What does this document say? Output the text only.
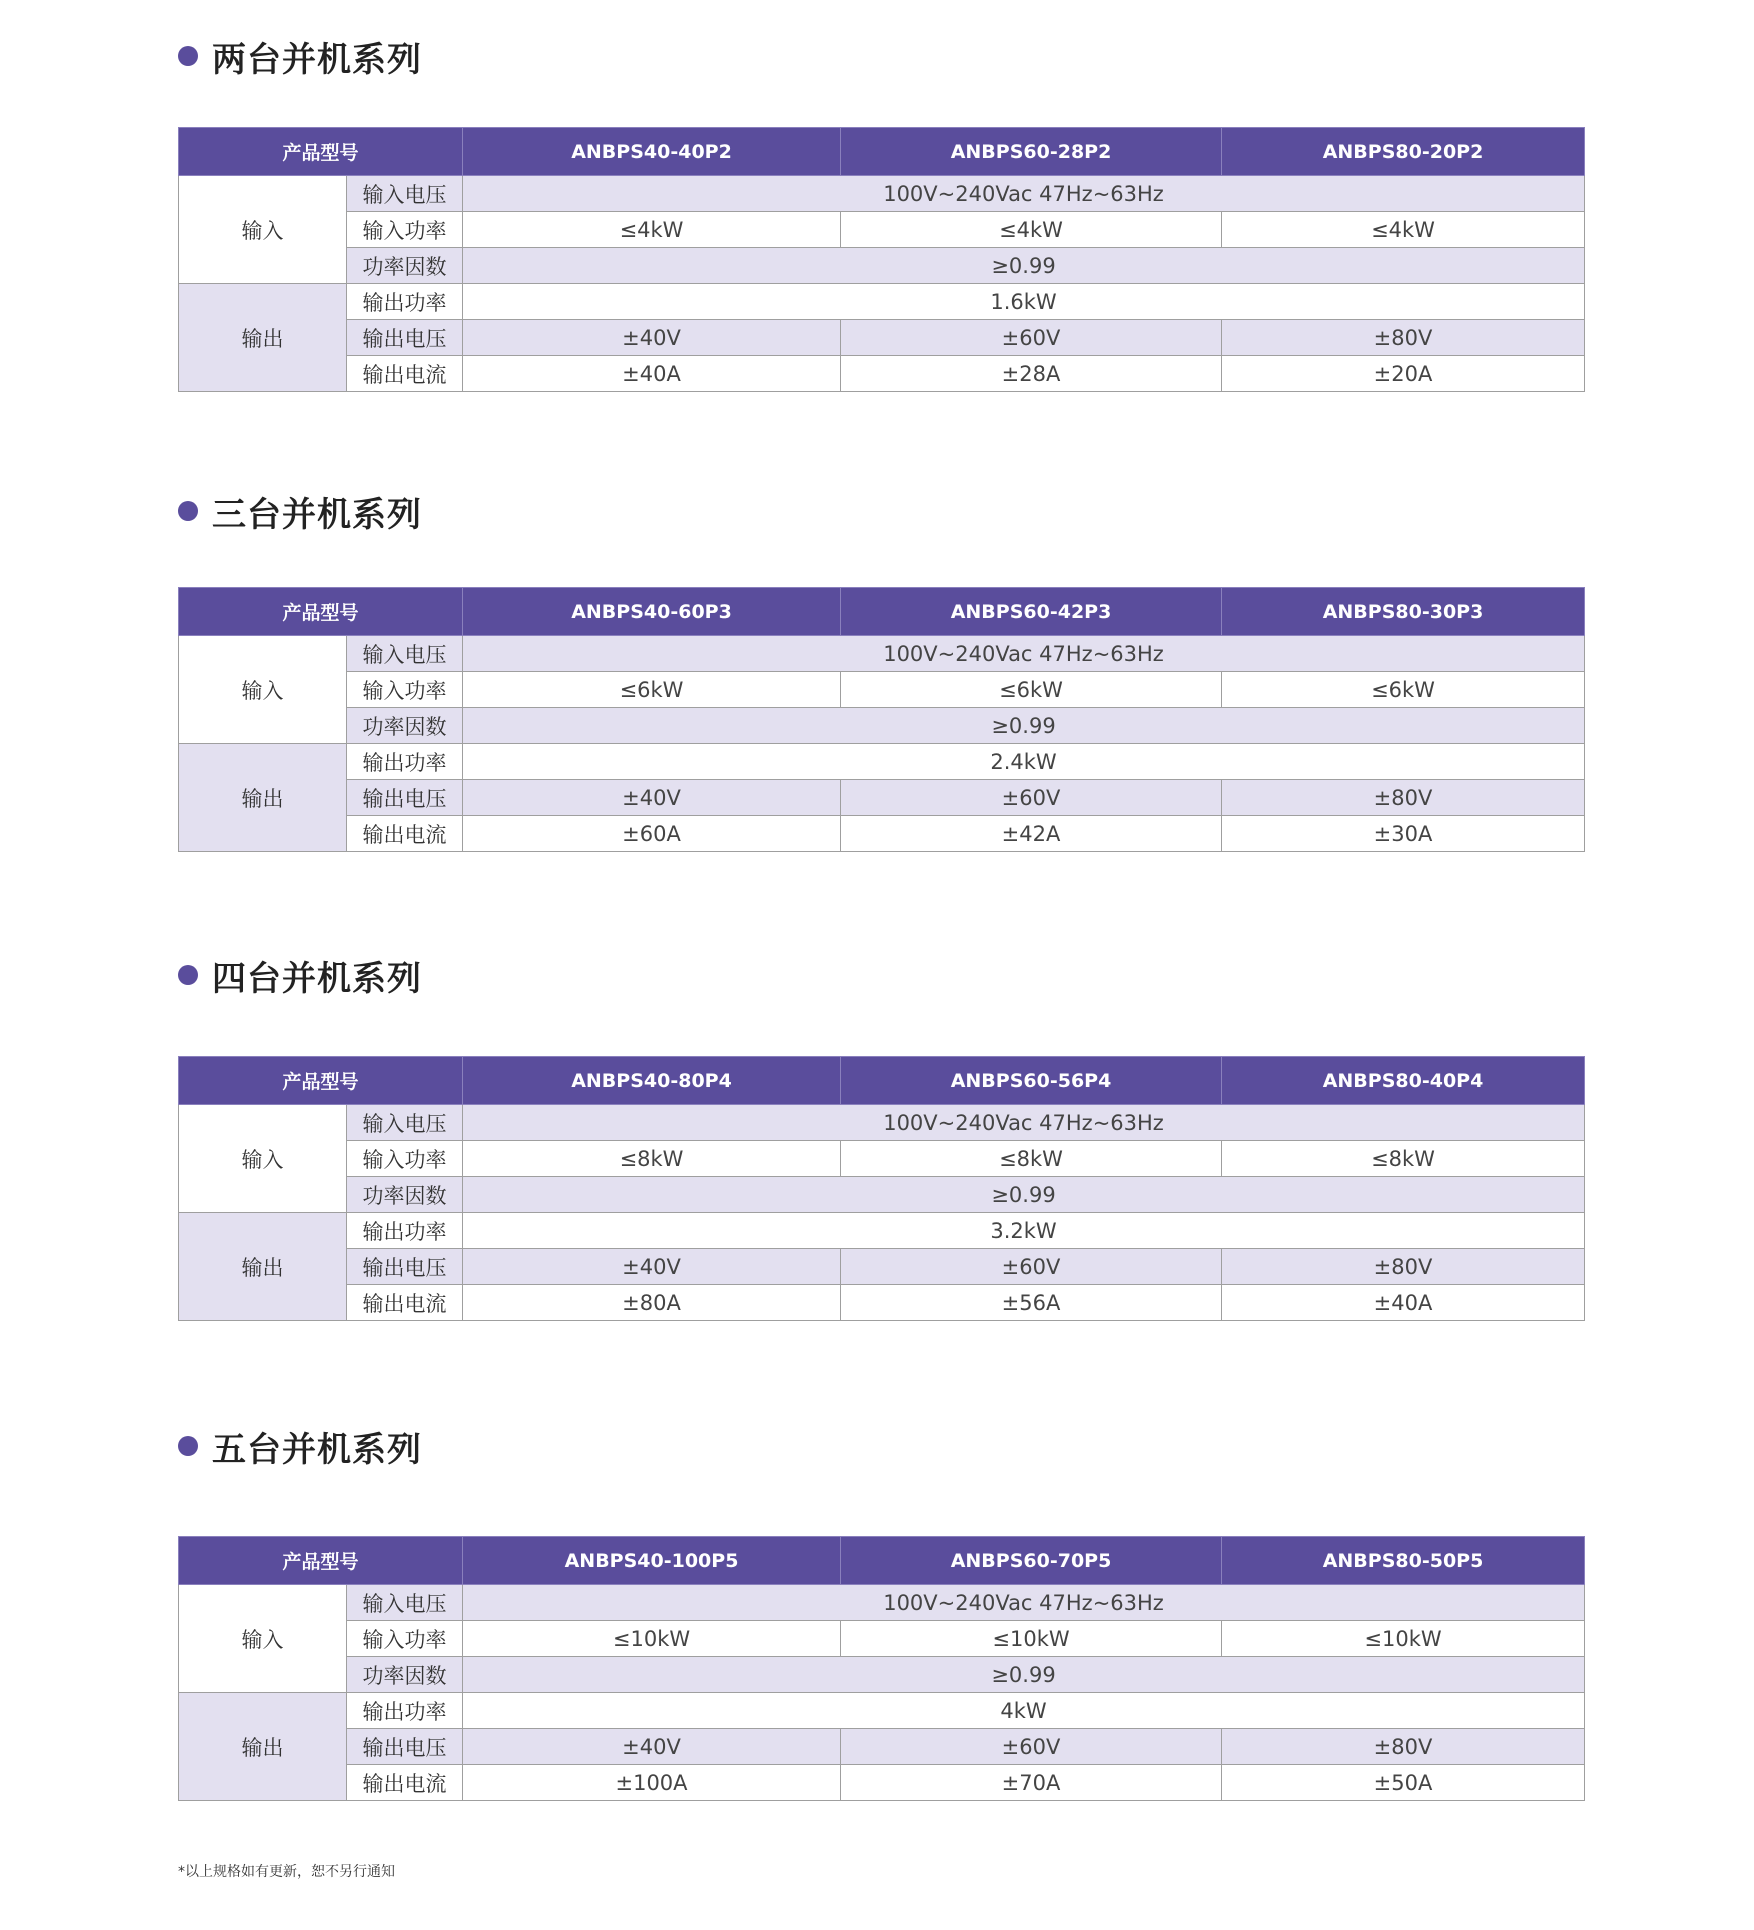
两台并机系列
产品型号		ANBPS40-40P2	ANBPS60-28P2	ANBPS80-20P2
输入	输入电压	100V~240Vac 47Hz~63Hz		
	输入功率	≤4kW	≤4kW	≤4kW
	功率因数	≥0.99		
输出	输出功率	1.6kW		
	输出电压	±40V	±60V	±80V
	输出电流	±40A	±28A	±20A
三台并机系列
产品型号		ANBPS40-60P3	ANBPS60-42P3	ANBPS80-30P3
输入	输入电压	100V~240Vac 47Hz~63Hz		
	输入功率	≤6kW	≤6kW	≤6kW
	功率因数	≥0.99		
输出	输出功率	2.4kW		
	输出电压	±40V	±60V	±80V
	输出电流	±60A	±42A	±30A
四台并机系列
产品型号		ANBPS40-80P4	ANBPS60-56P4	ANBPS80-40P4
输入	输入电压	100V~240Vac 47Hz~63Hz		
	输入功率	≤8kW	≤8kW	≤8kW
	功率因数	≥0.99		
输出	输出功率	3.2kW		
	输出电压	±40V	±60V	±80V
	输出电流	±80A	±56A	±40A
五台并机系列
产品型号		ANBPS40-100P5	ANBPS60-70P5	ANBPS80-50P5
输入	输入电压	100V~240Vac 47Hz~63Hz		
	输入功率	≤10kW	≤10kW	≤10kW
	功率因数	≥0.99		
输出	输出功率	4kW		
	输出电压	±40V	±60V	±80V
	输出电流	±100A	±70A	±50A
*以上规格如有更新，恕不另行通知
